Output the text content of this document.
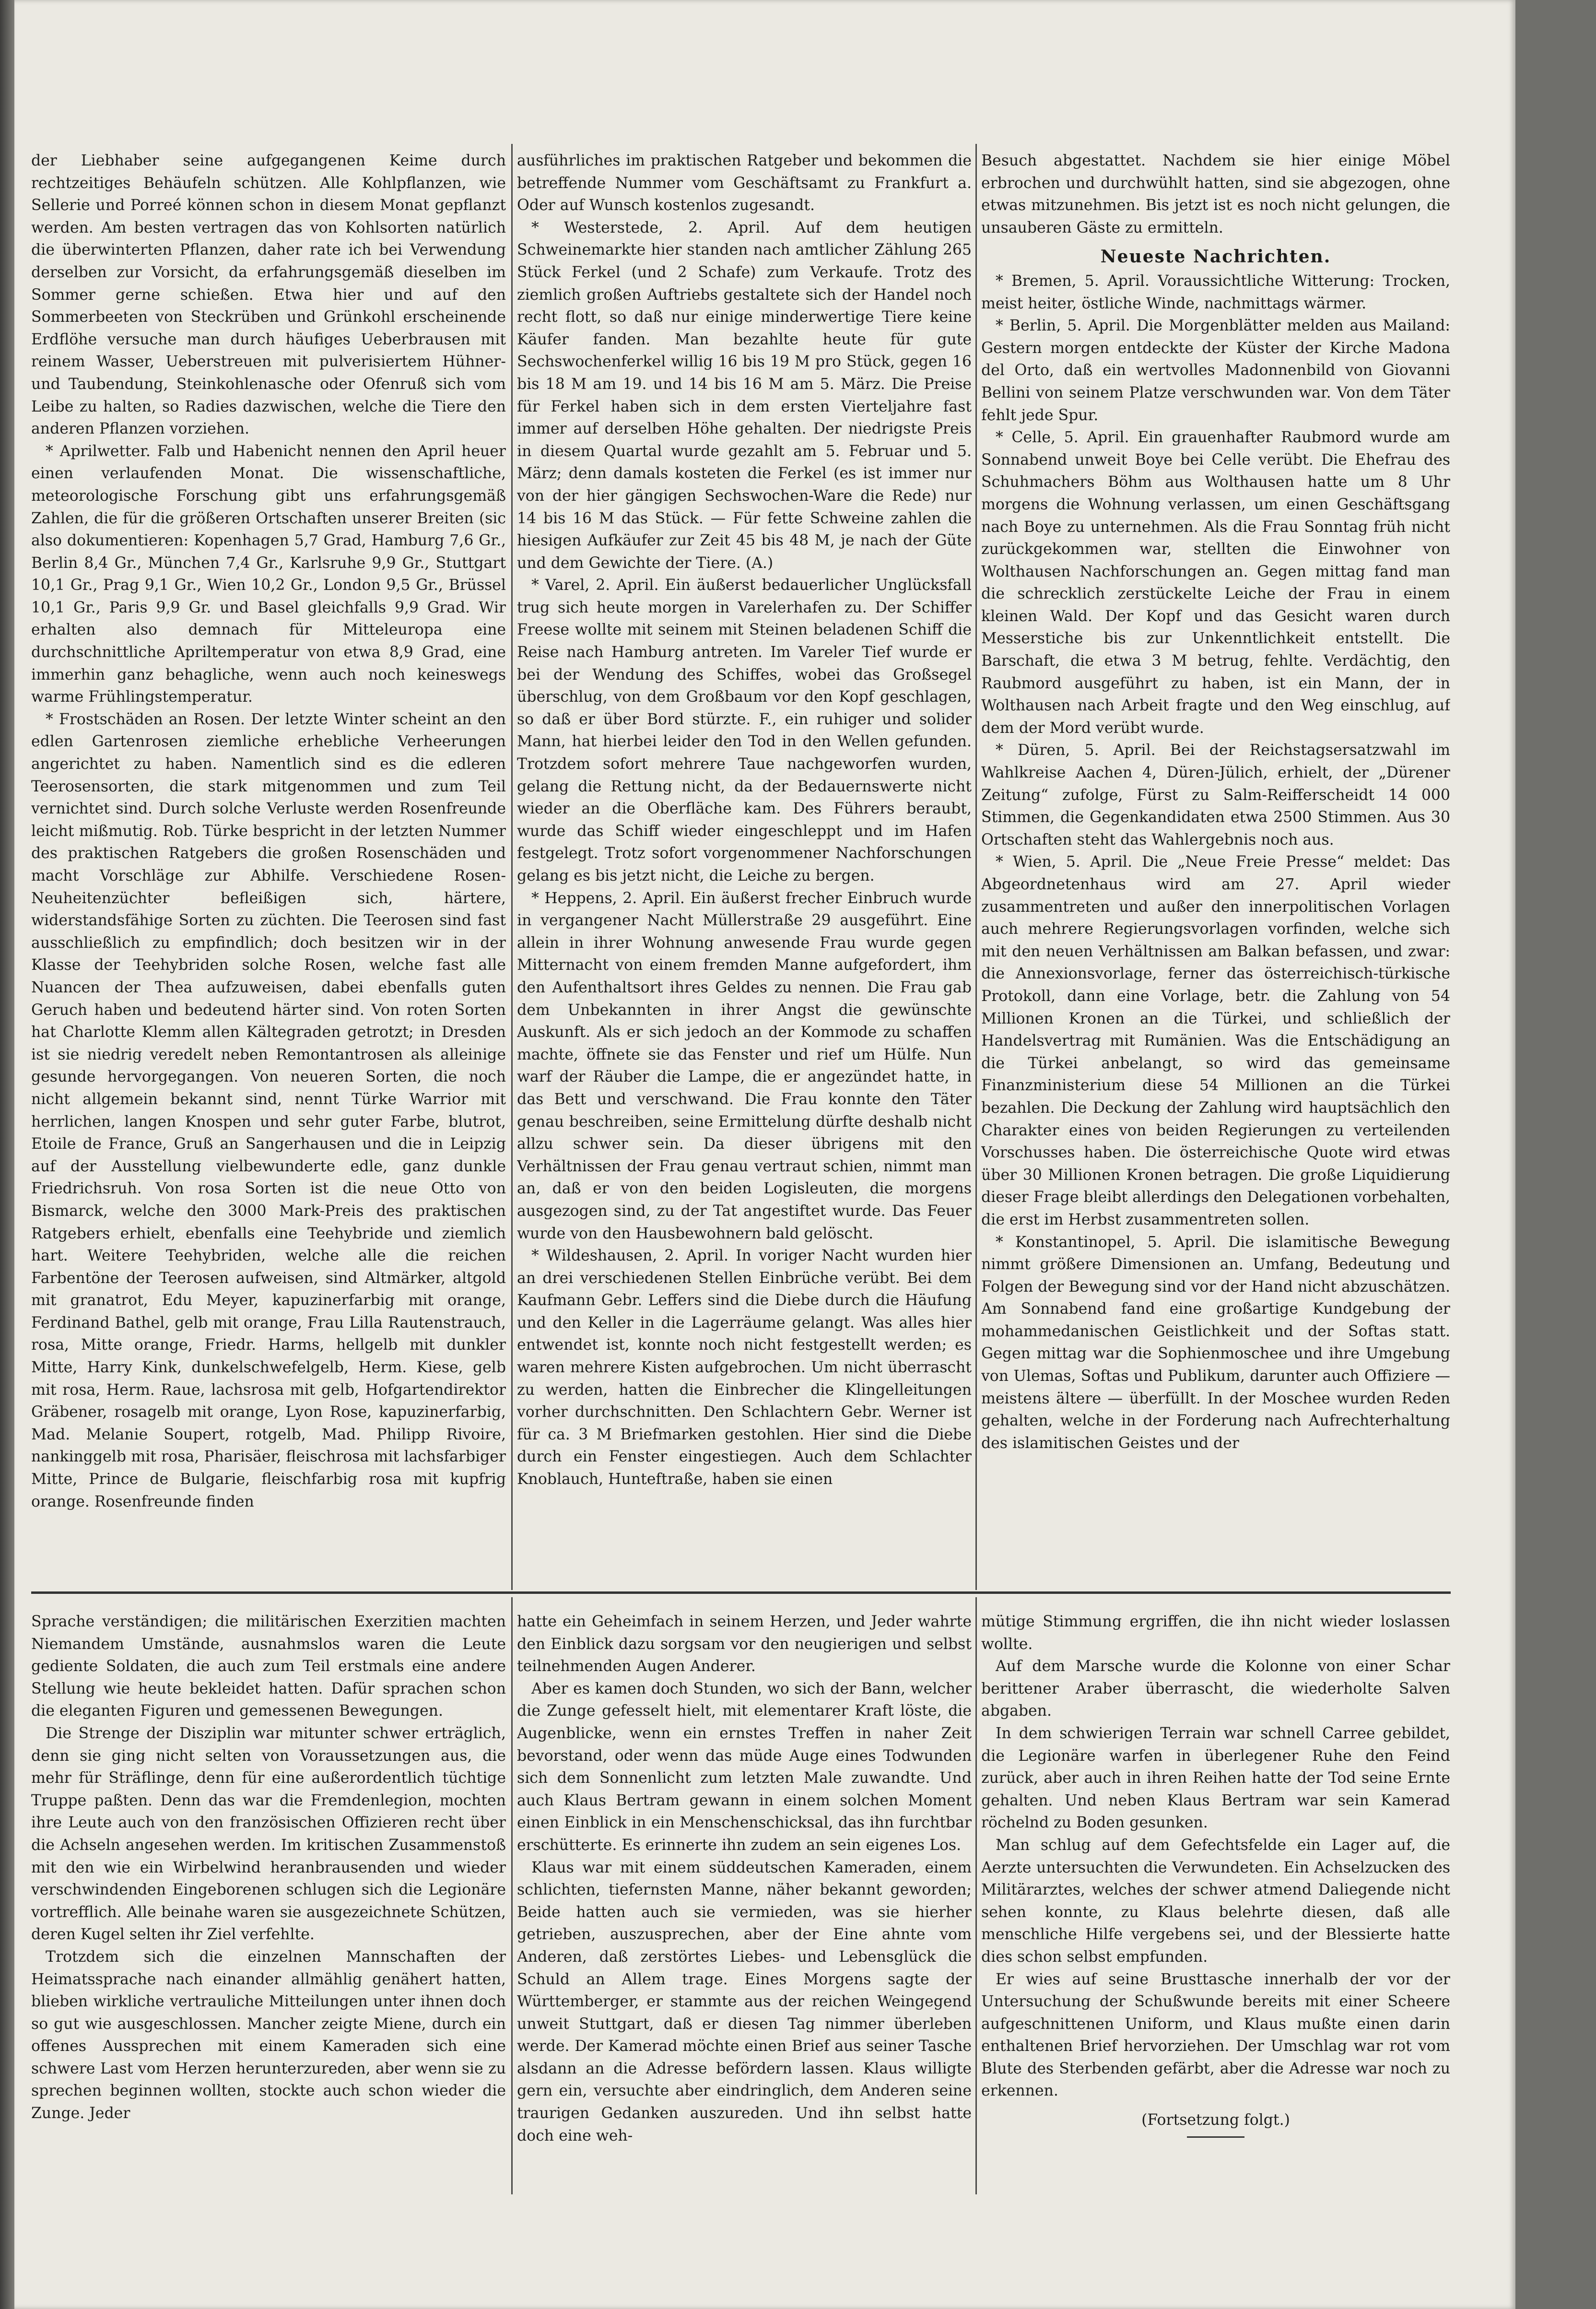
der Liebhaber seine aufgegangenen Keime durch rechtzeitiges Behäufeln schützen. Alle Kohlpflanzen, wie Sellerie und Porreé können schon in diesem Monat gepflanzt werden. Am besten vertragen das von Kohlsorten natürlich die überwinterten Pflanzen, daher rate ich bei Verwendung derselben zur Vorsicht, da erfahrungsgemäß dieselben im Sommer gerne schießen. Etwa hier und auf den Sommerbeeten von Steckrüben und Grünkohl erscheinende Erdflöhe versuche man durch häufiges Ueberbrausen mit reinem Wasser, Ueberstreuen mit pulverisiertem Hühner- und Taubendung, Steinkohlenasche oder Ofenruß sich vom Leibe zu halten, so Radies dazwischen, welche die Tiere den anderen Pflanzen vorziehen.

* Aprilwetter. Falb und Habenicht nennen den April heuer einen verlaufenden Monat. Die wissenschaftliche, meteorologische Forschung gibt uns erfahrungsgemäß Zahlen, die für die größeren Ortschaften unserer Breiten (sic also dokumentieren: Kopenhagen 5,7 Grad, Hamburg 7,6 Gr., Berlin 8,4 Gr., München 7,4 Gr., Karlsruhe 9,9 Gr., Stuttgart 10,1 Gr., Prag 9,1 Gr., Wien 10,2 Gr., London 9,5 Gr., Brüssel 10,1 Gr., Paris 9,9 Gr. und Basel gleichfalls 9,9 Grad. Wir erhalten also demnach für Mitteleuropa eine durchschnittliche Apriltemperatur von etwa 8,9 Grad, eine immerhin ganz behagliche, wenn auch noch keineswegs warme Frühlingstemperatur.

* Frostschäden an Rosen. Der letzte Winter scheint an den edlen Gartenrosen ziemliche erhebliche Verheerungen angerichtet zu haben. Namentlich sind es die edleren Teerosensorten, die stark mitgenommen und zum Teil vernichtet sind. Durch solche Verluste werden Rosenfreunde leicht mißmutig. Rob. Türke bespricht in der letzten Nummer des praktischen Ratgebers die großen Rosenschäden und macht Vorschläge zur Abhilfe. Verschiedene Rosen-Neuheitenzüchter befleißigen sich, härtere, widerstandsfähige Sorten zu züchten. Die Teerosen sind fast ausschließlich zu empfindlich; doch besitzen wir in der Klasse der Teehybriden solche Rosen, welche fast alle Nuancen der Thea aufzuweisen, dabei ebenfalls guten Geruch haben und bedeutend härter sind. Von roten Sorten hat Charlotte Klemm allen Kältegraden getrotzt; in Dresden ist sie niedrig veredelt neben Remontantrosen als alleinige gesunde hervorgegangen. Von neueren Sorten, die noch nicht allgemein bekannt sind, nennt Türke Warrior mit herrlichen, langen Knospen und sehr guter Farbe, blutrot, Etoile de France, Gruß an Sangerhausen und die in Leipzig auf der Ausstellung vielbewunderte edle, ganz dunkle Friedrichsruh. Von rosa Sorten ist die neue Otto von Bismarck, welche den 3000 Mark-Preis des praktischen Ratgebers erhielt, ebenfalls eine Teehybride und ziemlich hart. Weitere Teehybriden, welche alle die reichen Farbentöne der Teerosen aufweisen, sind Altmärker, altgold mit granatrot, Edu Meyer, kapuzinerfarbig mit orange, Ferdinand Bathel, gelb mit orange, Frau Lilla Rautenstrauch, rosa, Mitte orange, Friedr. Harms, hellgelb mit dunkler Mitte, Harry Kink, dunkelschwefelgelb, Herm. Kiese, gelb mit rosa, Herm. Raue, lachsrosa mit gelb, Hofgartendirektor Gräbener, rosagelb mit orange, Lyon Rose, kapuzinerfarbig, Mad. Melanie Soupert, rotgelb, Mad. Philipp Rivoire, nankinggelb mit rosa, Pharisäer, fleischrosa mit lachsfarbiger Mitte, Prince de Bulgarie, fleischfarbig rosa mit kupfrig orange. Rosenfreunde finden

ausführliches im praktischen Ratgeber und bekommen die betreffende Nummer vom Geschäftsamt zu Frankfurt a. Oder auf Wunsch kostenlos zugesandt.

* Westerstede, 2. April. Auf dem heutigen Schweinemarkte hier standen nach amtlicher Zählung 265 Stück Ferkel (und 2 Schafe) zum Verkaufe. Trotz des ziemlich großen Auftriebs gestaltete sich der Handel noch recht flott, so daß nur einige minderwertige Tiere keine Käufer fanden. Man bezahlte heute für gute Sechswochenferkel willig 16 bis 19 M pro Stück, gegen 16 bis 18 M am 19. und 14 bis 16 M am 5. März. Die Preise für Ferkel haben sich in dem ersten Vierteljahre fast immer auf derselben Höhe gehalten. Der niedrigste Preis in diesem Quartal wurde gezahlt am 5. Februar und 5. März; denn damals kosteten die Ferkel (es ist immer nur von der hier gängigen Sechswochen-Ware die Rede) nur 14 bis 16 M das Stück. — Für fette Schweine zahlen die hiesigen Aufkäufer zur Zeit 45 bis 48 M, je nach der Güte und dem Gewichte der Tiere. (A.)

* Varel, 2. April. Ein äußerst bedauerlicher Unglücksfall trug sich heute morgen in Varelerhafen zu. Der Schiffer Freese wollte mit seinem mit Steinen beladenen Schiff die Reise nach Hamburg antreten. Im Vareler Tief wurde er bei der Wendung des Schiffes, wobei das Großsegel überschlug, von dem Großbaum vor den Kopf geschlagen, so daß er über Bord stürzte. F., ein ruhiger und solider Mann, hat hierbei leider den Tod in den Wellen gefunden. Trotzdem sofort mehrere Taue nachgeworfen wurden, gelang die Rettung nicht, da der Bedauernswerte nicht wieder an die Oberfläche kam. Des Führers beraubt, wurde das Schiff wieder eingeschleppt und im Hafen festgelegt. Trotz sofort vorgenommener Nachforschungen gelang es bis jetzt nicht, die Leiche zu bergen.

* Heppens, 2. April. Ein äußerst frecher Einbruch wurde in vergangener Nacht Müllerstraße 29 ausgeführt. Eine allein in ihrer Wohnung anwesende Frau wurde gegen Mitternacht von einem fremden Manne aufgefordert, ihm den Aufenthaltsort ihres Geldes zu nennen. Die Frau gab dem Unbekannten in ihrer Angst die gewünschte Auskunft. Als er sich jedoch an der Kommode zu schaffen machte, öffnete sie das Fenster und rief um Hülfe. Nun warf der Räuber die Lampe, die er angezündet hatte, in das Bett und verschwand. Die Frau konnte den Täter genau beschreiben, seine Ermittelung dürfte deshalb nicht allzu schwer sein. Da dieser übrigens mit den Verhältnissen der Frau genau vertraut schien, nimmt man an, daß er von den beiden Logisleuten, die morgens ausgezogen sind, zu der Tat angestiftet wurde. Das Feuer wurde von den Hausbewohnern bald gelöscht.

* Wildeshausen, 2. April. In voriger Nacht wurden hier an drei verschiedenen Stellen Einbrüche verübt. Bei dem Kaufmann Gebr. Leffers sind die Diebe durch die Häufung und den Keller in die Lagerräume gelangt. Was alles hier entwendet ist, konnte noch nicht festgestellt werden; es waren mehrere Kisten aufgebrochen. Um nicht überrascht zu werden, hatten die Einbrecher die Klingelleitungen vorher durchschnitten. Den Schlachtern Gebr. Werner ist für ca. 3 M Briefmarken gestohlen. Hier sind die Diebe durch ein Fenster eingestiegen. Auch dem Schlachter Knoblauch, Hunteftraße, haben sie einen

Besuch abgestattet. Nachdem sie hier einige Möbel erbrochen und durchwühlt hatten, sind sie abgezogen, ohne etwas mitzunehmen. Bis jetzt ist es noch nicht gelungen, die unsauberen Gäste zu ermitteln.

Neueste Nachrichten.

* Bremen, 5. April. Voraussichtliche Witterung: Trocken, meist heiter, östliche Winde, nachmittags wärmer.

* Berlin, 5. April. Die Morgenblätter melden aus Mailand: Gestern morgen entdeckte der Küster der Kirche Madona del Orto, daß ein wertvolles Madonnenbild von Giovanni Bellini von seinem Platze verschwunden war. Von dem Täter fehlt jede Spur.

* Celle, 5. April. Ein grauenhafter Raubmord wurde am Sonnabend unweit Boye bei Celle verübt. Die Ehefrau des Schuhmachers Böhm aus Wolthausen hatte um 8 Uhr morgens die Wohnung verlassen, um einen Geschäftsgang nach Boye zu unternehmen. Als die Frau Sonntag früh nicht zurückgekommen war, stellten die Einwohner von Wolthausen Nachforschungen an. Gegen mittag fand man die schrecklich zerstückelte Leiche der Frau in einem kleinen Wald. Der Kopf und das Gesicht waren durch Messerstiche bis zur Unkenntlichkeit entstellt. Die Barschaft, die etwa 3 M betrug, fehlte. Verdächtig, den Raubmord ausgeführt zu haben, ist ein Mann, der in Wolthausen nach Arbeit fragte und den Weg einschlug, auf dem der Mord verübt wurde.

* Düren, 5. April. Bei der Reichstagsersatzwahl im Wahlkreise Aachen 4, Düren-Jülich, erhielt, der „Dürener Zeitung“ zufolge, Fürst zu Salm-Reifferscheidt 14 000 Stimmen, die Gegenkandidaten etwa 2500 Stimmen. Aus 30 Ortschaften steht das Wahlergebnis noch aus.

* Wien, 5. April. Die „Neue Freie Presse“ meldet: Das Abgeordnetenhaus wird am 27. April wieder zusammentreten und außer den innerpolitischen Vorlagen auch mehrere Regierungsvorlagen vorfinden, welche sich mit den neuen Verhältnissen am Balkan befassen, und zwar: die Annexionsvorlage, ferner das österreichisch-türkische Protokoll, dann eine Vorlage, betr. die Zahlung von 54 Millionen Kronen an die Türkei, und schließlich der Handelsvertrag mit Rumänien. Was die Entschädigung an die Türkei anbelangt, so wird das gemeinsame Finanzministerium diese 54 Millionen an die Türkei bezahlen. Die Deckung der Zahlung wird hauptsächlich den Charakter eines von beiden Regierungen zu verteilenden Vorschusses haben. Die österreichische Quote wird etwas über 30 Millionen Kronen betragen. Die große Liquidierung dieser Frage bleibt allerdings den Delegationen vorbehalten, die erst im Herbst zusammentreten sollen.

* Konstantinopel, 5. April. Die islamitische Bewegung nimmt größere Dimensionen an. Umfang, Bedeutung und Folgen der Bewegung sind vor der Hand nicht abzuschätzen. Am Sonnabend fand eine großartige Kundgebung der mohammedanischen Geistlichkeit und der Softas statt. Gegen mittag war die Sophienmoschee und ihre Umgebung von Ulemas, Softas und Publikum, darunter auch Offiziere — meistens ältere — überfüllt. In der Moschee wurden Reden gehalten, welche in der Forderung nach Aufrechterhaltung des islamitischen Geistes und der

Sprache verständigen; die militärischen Exerzitien machten Niemandem Umstände, ausnahmslos waren die Leute gediente Soldaten, die auch zum Teil erstmals eine andere Stellung wie heute bekleidet hatten. Dafür sprachen schon die eleganten Figuren und gemessenen Bewegungen.

Die Strenge der Disziplin war mitunter schwer erträglich, denn sie ging nicht selten von Voraussetzungen aus, die mehr für Sträflinge, denn für eine außerordentlich tüchtige Truppe paßten. Denn das war die Fremdenlegion, mochten ihre Leute auch von den französischen Offizieren recht über die Achseln angesehen werden. Im kritischen Zusammenstoß mit den wie ein Wirbelwind heranbrausenden und wieder verschwindenden Eingeborenen schlugen sich die Legionäre vortrefflich. Alle beinahe waren sie ausgezeichnete Schützen, deren Kugel selten ihr Ziel verfehlte.

Trotzdem sich die einzelnen Mannschaften der Heimatssprache nach einander allmählig genähert hatten, blieben wirkliche vertrauliche Mitteilungen unter ihnen doch so gut wie ausgeschlossen. Mancher zeigte Miene, durch ein offenes Aussprechen mit einem Kameraden sich eine schwere Last vom Herzen herunterzureden, aber wenn sie zu sprechen beginnen wollten, stockte auch schon wieder die Zunge. Jeder

hatte ein Geheimfach in seinem Herzen, und Jeder wahrte den Einblick dazu sorgsam vor den neugierigen und selbst teilnehmenden Augen Anderer.

Aber es kamen doch Stunden, wo sich der Bann, welcher die Zunge gefesselt hielt, mit elementarer Kraft löste, die Augenblicke, wenn ein ernstes Treffen in naher Zeit bevorstand, oder wenn das müde Auge eines Todwunden sich dem Sonnenlicht zum letzten Male zuwandte. Und auch Klaus Bertram gewann in einem solchen Moment einen Einblick in ein Menschenschicksal, das ihn furchtbar erschütterte. Es erinnerte ihn zudem an sein eigenes Los.

Klaus war mit einem süddeutschen Kameraden, einem schlichten, tiefernsten Manne, näher bekannt geworden; Beide hatten auch sie vermieden, was sie hierher getrieben, auszusprechen, aber der Eine ahnte vom Anderen, daß zerstörtes Liebes- und Lebensglück die Schuld an Allem trage. Eines Morgens sagte der Württemberger, er stammte aus der reichen Weingegend unweit Stuttgart, daß er diesen Tag nimmer überleben werde. Der Kamerad möchte einen Brief aus seiner Tasche alsdann an die Adresse befördern lassen. Klaus willigte gern ein, versuchte aber eindringlich, dem Anderen seine traurigen Gedanken auszureden. Und ihn selbst hatte doch eine weh-

mütige Stimmung ergriffen, die ihn nicht wieder loslassen wollte.

Auf dem Marsche wurde die Kolonne von einer Schar berittener Araber überrascht, die wiederholte Salven abgaben.

In dem schwierigen Terrain war schnell Carree gebildet, die Legionäre warfen in überlegener Ruhe den Feind zurück, aber auch in ihren Reihen hatte der Tod seine Ernte gehalten. Und neben Klaus Bertram war sein Kamerad röchelnd zu Boden gesunken.

Man schlug auf dem Gefechtsfelde ein Lager auf, die Aerzte untersuchten die Verwundeten. Ein Achselzucken des Militärarztes, welches der schwer atmend Daliegende nicht sehen konnte, zu Klaus belehrte diesen, daß alle menschliche Hilfe vergebens sei, und der Blessierte hatte dies schon selbst empfunden.

Er wies auf seine Brusttasche innerhalb der vor der Untersuchung der Schußwunde bereits mit einer Scheere aufgeschnittenen Uniform, und Klaus mußte einen darin enthaltenen Brief hervorziehen. Der Umschlag war rot vom Blute des Sterbenden gefärbt, aber die Adresse war noch zu erkennen.

(Fortsetzung folgt.)
